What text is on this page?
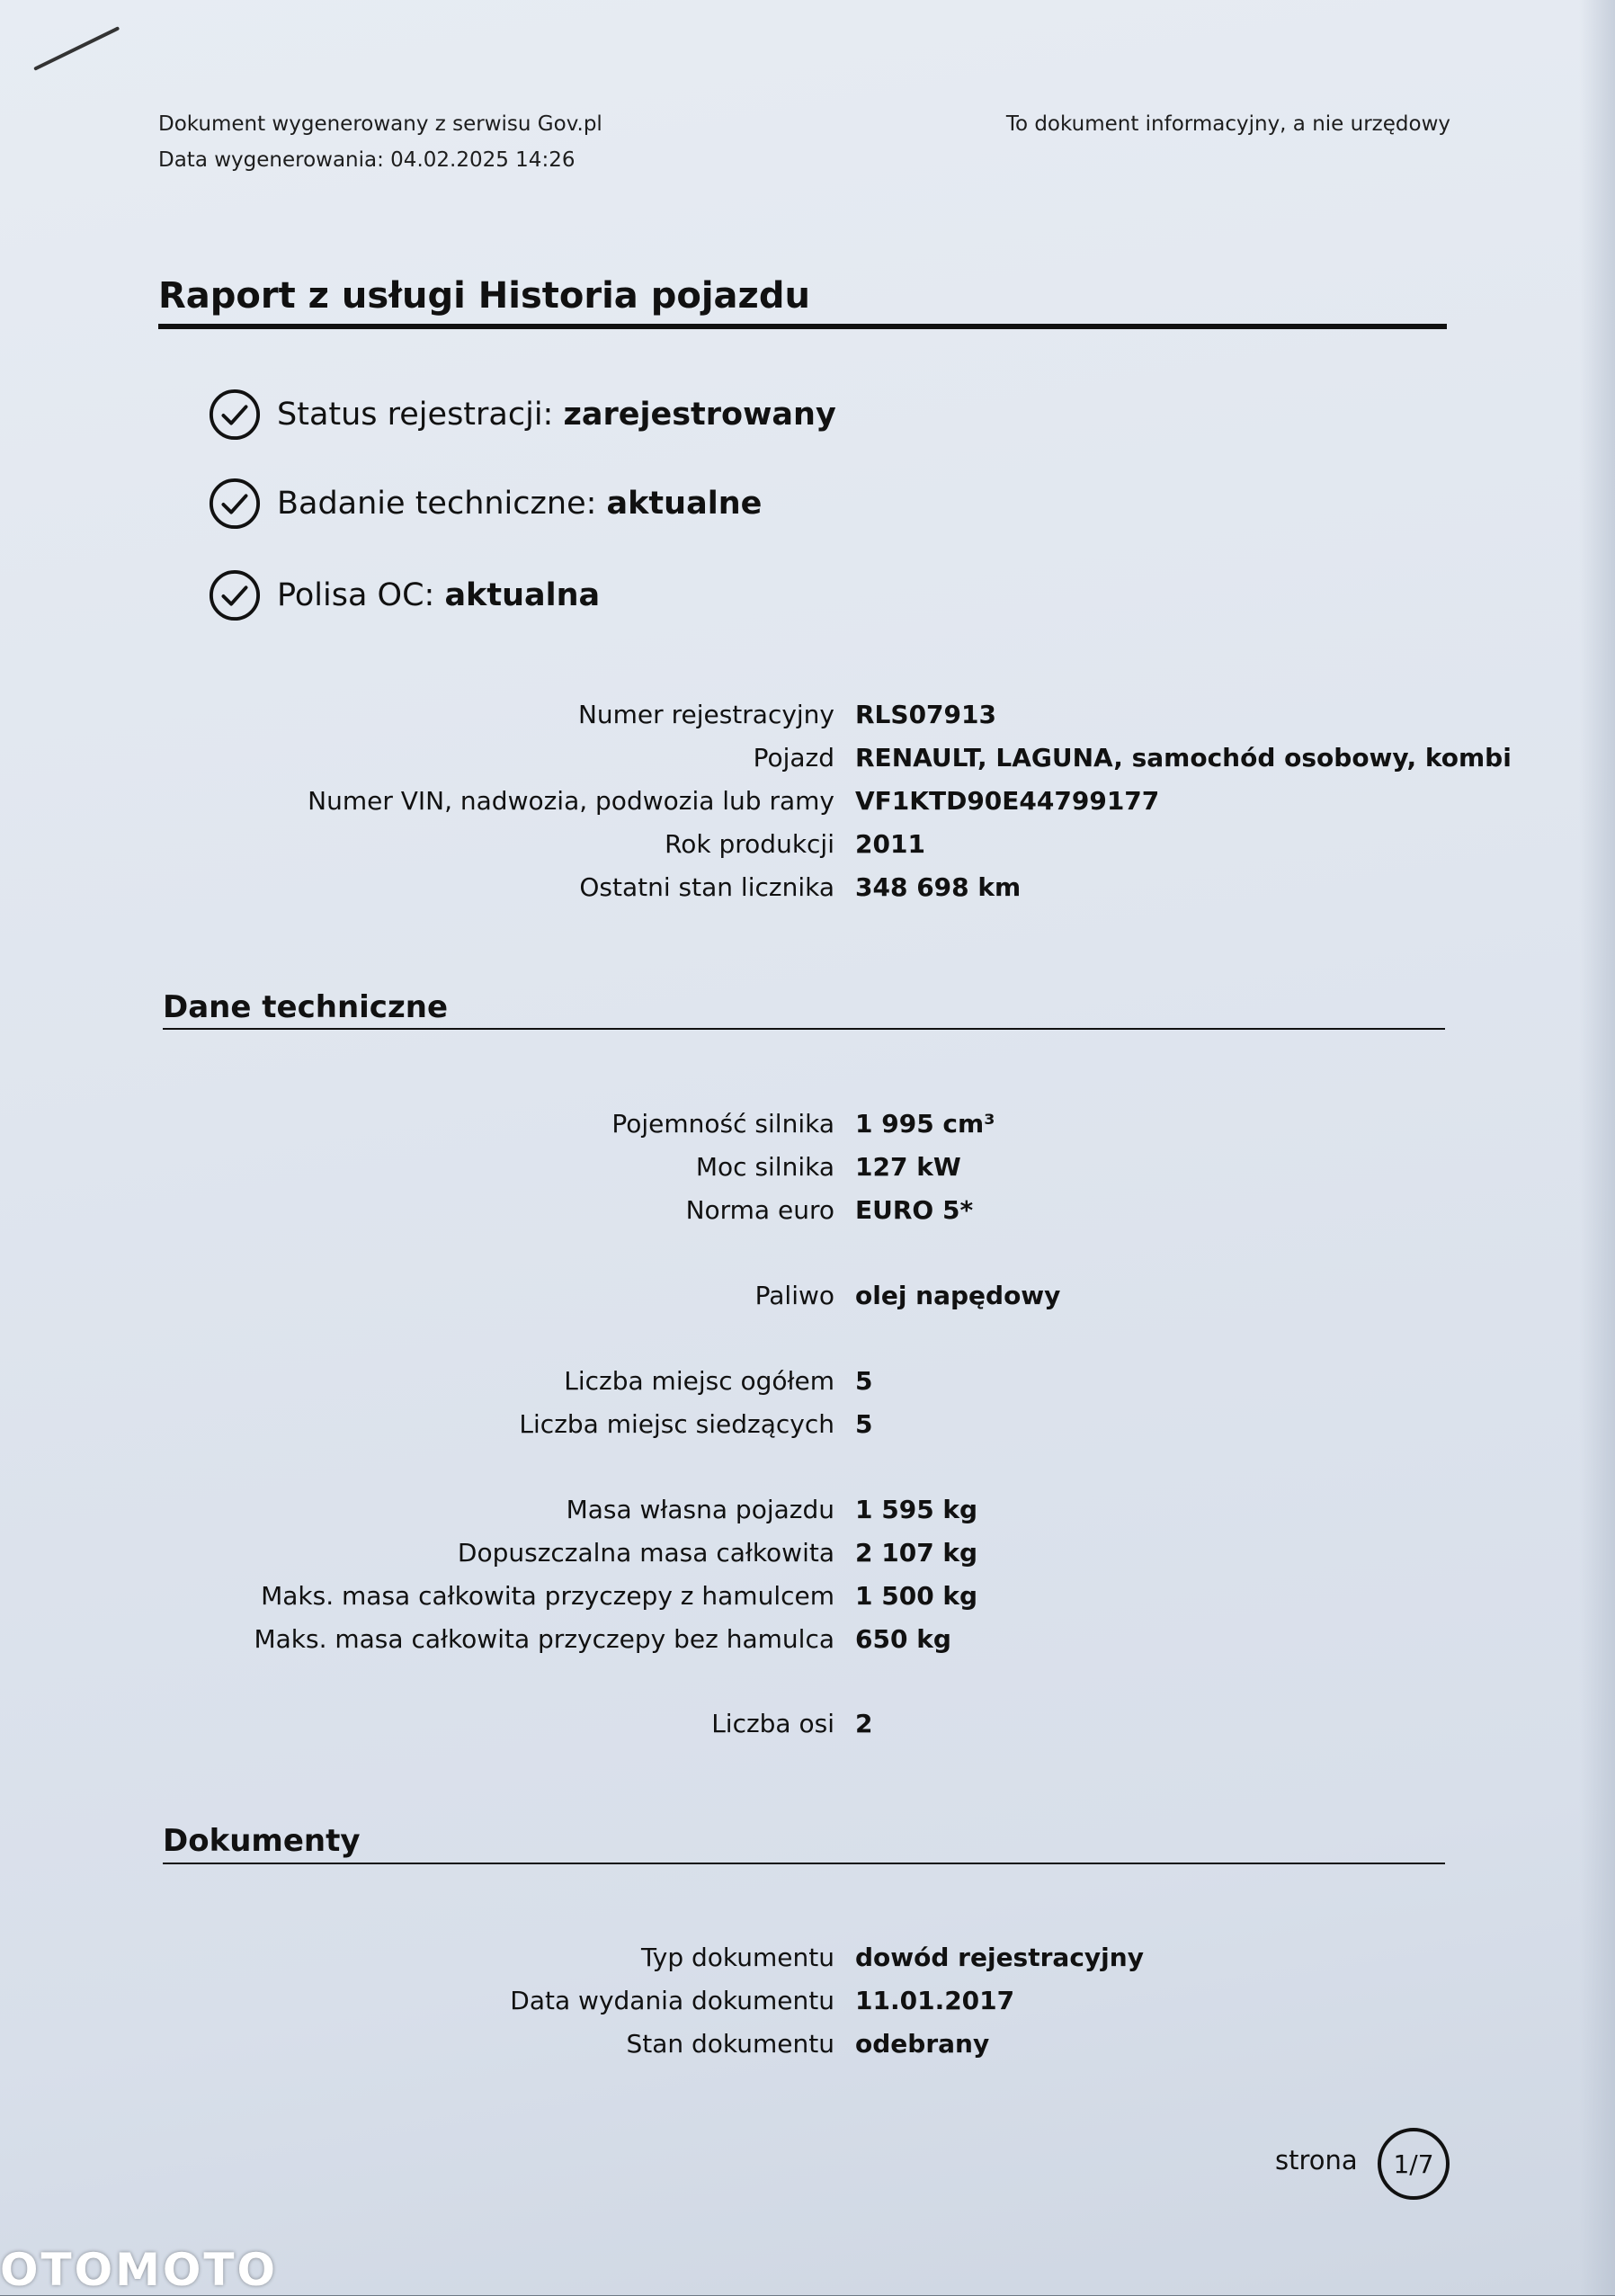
Dokument wygenerowany z serwisu Gov.pl
Data wygenerowania: 04.02.2025 14:26
To dokument informacyjny, a nie urzędowy
Raport z usługi Historia pojazdu
Status rejestracji: zarejestrowany
Badanie techniczne: aktualne
Polisa OC: aktualna
Numer rejestracyjny RLS07913
Pojazd RENAULT, LAGUNA, samochód osobowy, kombi
Numer VIN, nadwozia, podwozia lub ramy VF1KTD90E44799177
Rok produkcji 2011
Ostatni stan licznika 348 698 km
Dane techniczne
Pojemność silnika 1 995 cm³
Moc silnika 127 kW
Norma euro EURO 5*
Paliwo olej napędowy
Liczba miejsc ogółem 5
Liczba miejsc siedzących 5
Masa własna pojazdu 1 595 kg
Dopuszczalna masa całkowita 2 107 kg
Maks. masa całkowita przyczepy z hamulcem 1 500 kg
Maks. masa całkowita przyczepy bez hamulca 650 kg
Liczba osi 2
Dokumenty
Typ dokumentu dowód rejestracyjny
Data wydania dokumentu 11.01.2017
Stan dokumentu odebrany
strona 1/7
OTOMOTO
